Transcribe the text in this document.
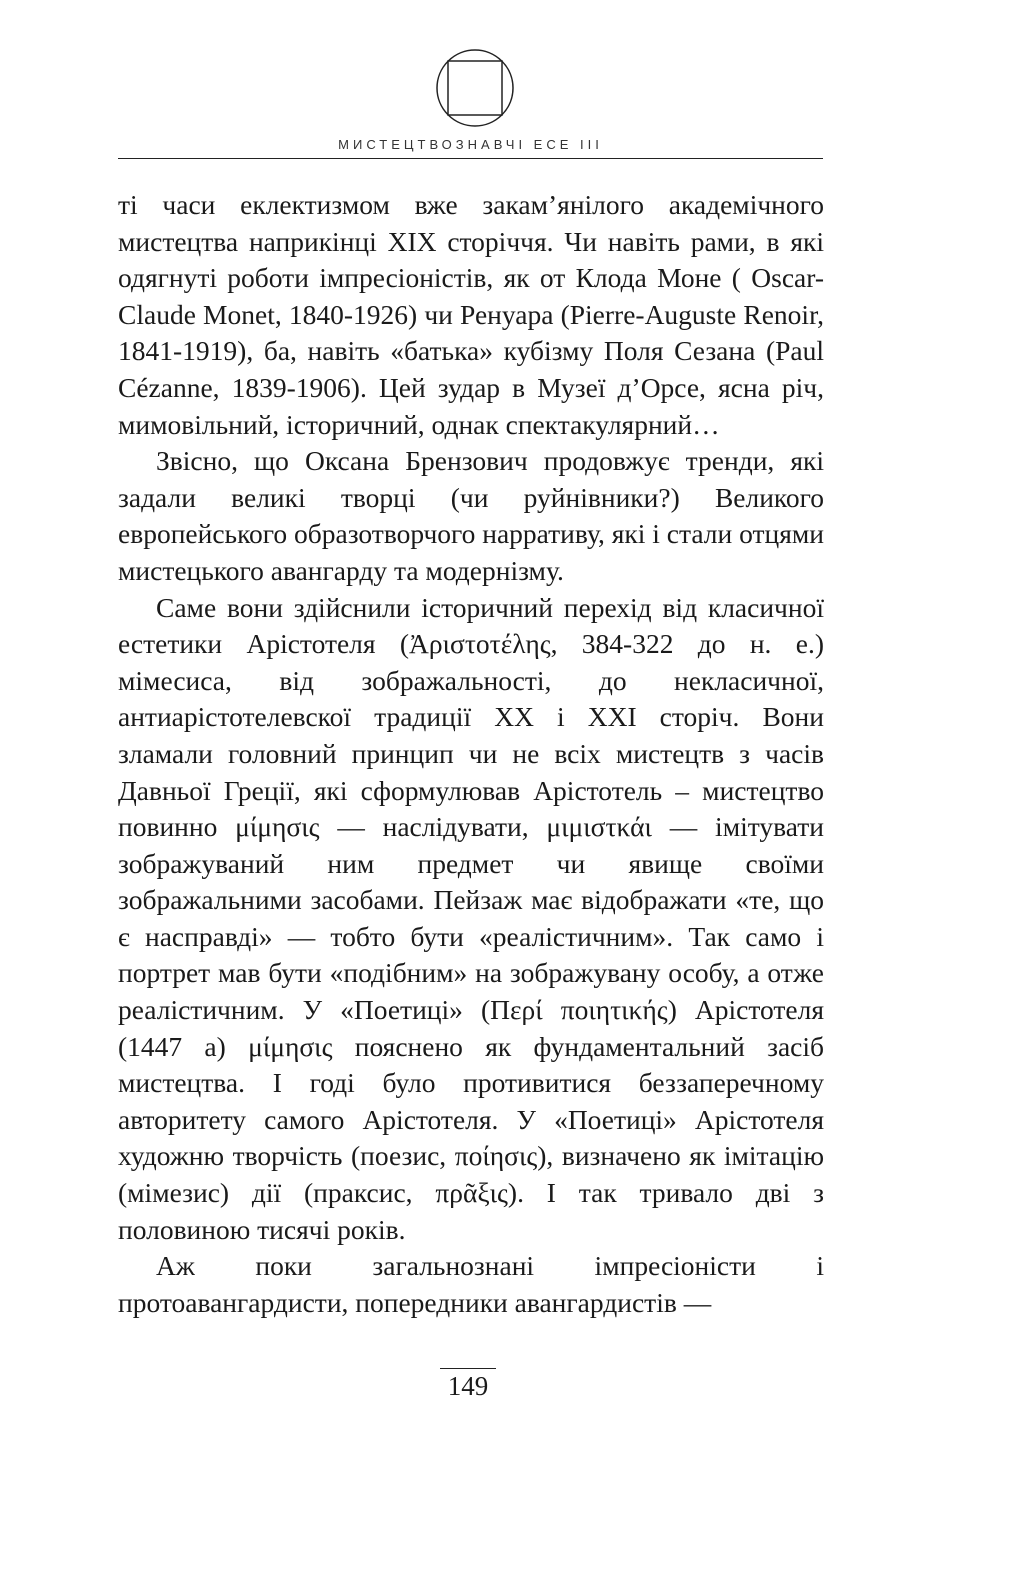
МИСТЕЦТВОЗНАВЧІ ЕСЕ III

ті часи еклектизмом вже закам’янілого академічного мистецтва наприкінці XIX сторіччя. Чи навіть рами, в які одягнуті роботи імпресіоністів, як от Клода Моне ( Oscar-Claude Monet, 1840-1926) чи Ренуара (Pierre-Auguste Renoir, 1841-1919), ба, навіть «батька» кубізму Поля Сезана (Paul Cézanne, 1839-1906). Цей зудар в Музеї д’Орсе, ясна річ, мимовільний, історичний, однак спектакулярний…

Звісно, що Оксана Брензович продовжує тренди, які задали великі творці (чи руйнівники?) Великого европейського образотворчого нарративу, які і стали отцями мистецького авангарду та модернізму.

Саме вони здійснили історичний перехід від класичної естетики Арістотеля (Ἀριστοτέλης, 384-322 до н. е.) мімесиса, від зображальності, до некласичної, антиарістотелевскої традиції XX і XXI сторіч. Вони зламали головний принцип чи не всіх мистецтв з часів Давньої Греції, які сформулював Арістотель – мистецтво повинно μίμησις — наслідувати, μιμιστκάι — імітувати зображуваний ним предмет чи явище своїми зображальними засобами. Пейзаж має відображати «те, що є насправді» — тобто бути «реалістичним». Так само і портрет мав бути «подібним» на зображувану особу, а отже реалістичним. У «Поетиці» (Περί ποιητικής) Арістотеля (1447 a) μίμησις пояснено як фундаментальний засіб мистецтва. І годі було противитися беззаперечному авторитету самого Арістотеля. У «Поетиці» Арістотеля художню творчість (поезис, ποίησις), визначено як імітацію (мімезис) дії (праксис, πρᾶξις). І так тривало дві з половиною тисячі років.

Аж поки загальнознані імпресіоністи і протоавангардисти, попередники авангардистів —

149
